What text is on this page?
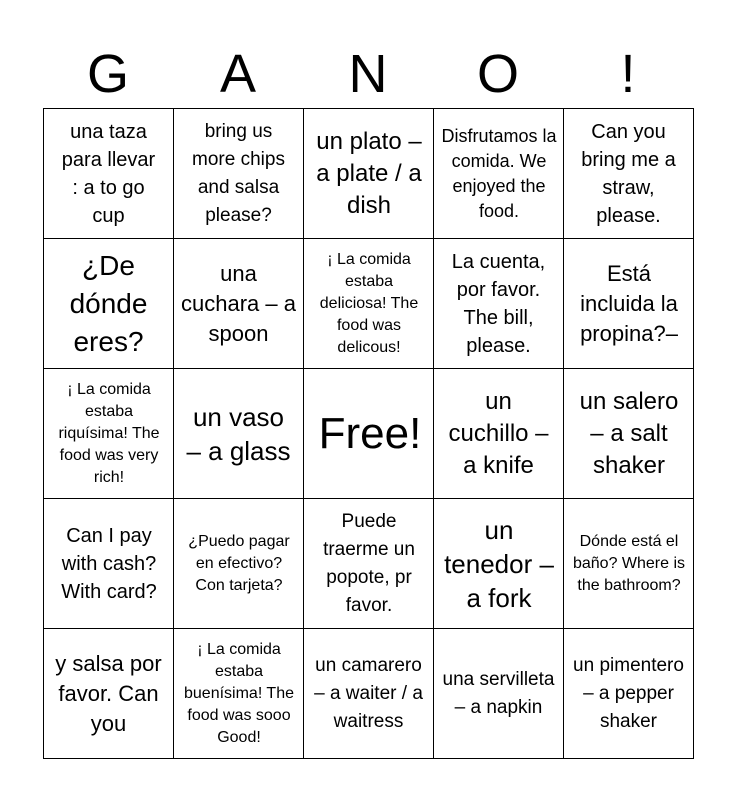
G	A	N	O	!
una taza para llevar : a to go cup	bring us more chips and salsa please?	un plato – a plate / a dish	Disfrutamos la comida. We enjoyed the food.	Can you bring me a straw, please.

¿De dónde eres?	una cuchara – a spoon	¡ La comida estaba deliciosa! The food was delicous!	La cuenta, por favor. The bill, please.	Está incluida la propina?–

¡ La comida estaba riquísima! The food was very rich!	un vaso – a glass	Free!	un cuchillo – a knife	un salero – a salt shaker

Can I pay with cash? With card?	¿Puedo pagar en efectivo? Con tarjeta?	Puede traerme un popote, pr favor.	un tenedor – a fork	Dónde está el baño? Where is the bathroom?

y salsa por favor. Can you	¡ La comida estaba buenísima! The food was sooo Good!	un camarero – a waiter / a waitress	una servilleta – a napkin	un pimentero – a pepper shaker
